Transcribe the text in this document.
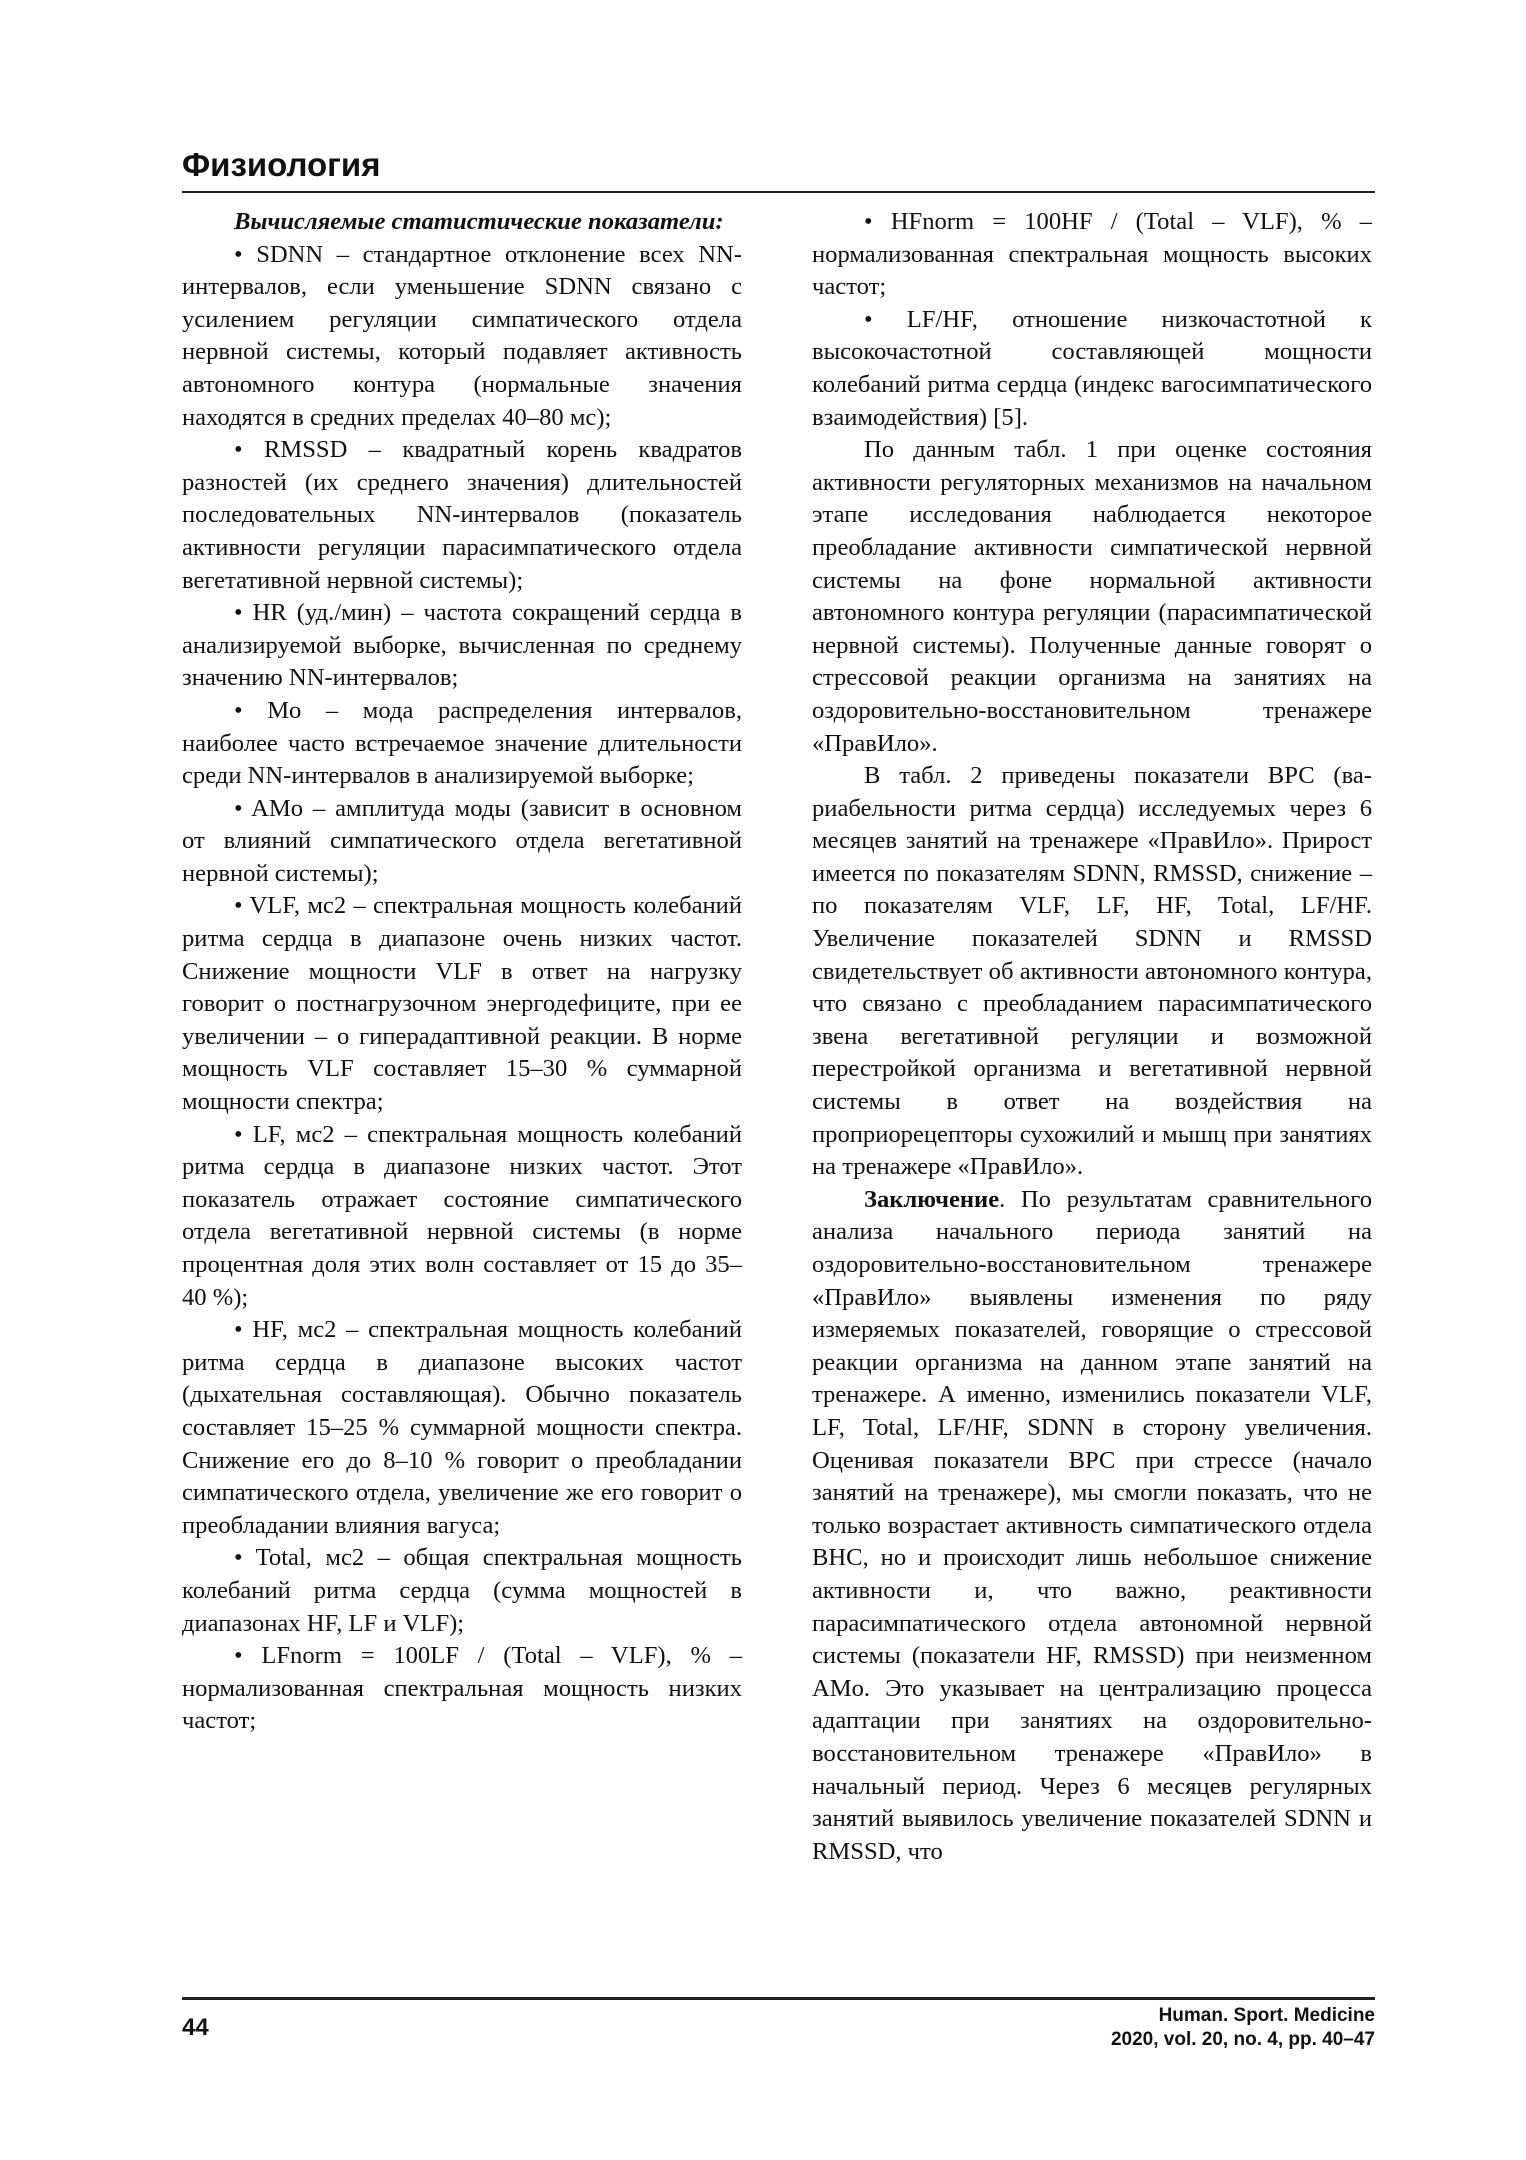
Физиология

Вычисляемые статистические показатели:

• SDNN – стандартное отклонение всех NN-интервалов, если уменьшение SDNN связано с усилением регуляции симпатического отдела нервной системы, который подавляет активность автономного контура (нормальные значения находятся в средних пределах 40–80 мс);

• RMSSD – квадратный корень квадратов разностей (их среднего значения) длительностей последовательных NN-интервалов (показатель активности регуляции парасимпатического отдела вегетативной нервной системы);

• HR (уд./мин) – частота сокращений сердца в анализируемой выборке, вычисленная по среднему значению NN-интервалов;

• Mo – мода распределения интервалов, наиболее часто встречаемое значение длительности среди NN-интервалов в анализируемой выборке;

• AMo – амплитуда моды (зависит в основном от влияний симпатического отдела вегетативной нервной системы);

• VLF, мс2 – спектральная мощность колебаний ритма сердца в диапазоне очень низких частот. Снижение мощности VLF в ответ на нагрузку говорит о постнагрузочном энергодефиците, при ее увеличении – о гиперадаптивной реакции. В норме мощность VLF составляет 15–30 % суммарной мощности спектра;

• LF, мс2 – спектральная мощность колебаний ритма сердца в диапазоне низких частот. Этот показатель отражает состояние симпатического отдела вегетативной нервной системы (в норме процентная доля этих волн составляет от 15 до 35–40 %);

• HF, мс2 – спектральная мощность колебаний ритма сердца в диапазоне высоких частот (дыхательная составляющая). Обычно показатель составляет 15–25 % суммарной мощности спектра. Снижение его до 8–10 % говорит о преобладании симпатического отдела, увеличение же его говорит о преобладании влияния вагуса;

• Total, мс2 – общая спектральная мощность колебаний ритма сердца (сумма мощностей в диапазонах HF, LF и VLF);

• LFnorm = 100LF / (Total – VLF), % – нормализованная спектральная мощность низких частот;

• HFnorm = 100HF / (Total – VLF), % – нормализованная спектральная мощность высоких частот;

• LF/HF, отношение низкочастотной к высокочастотной составляющей мощности колебаний ритма сердца (индекс вагосимпатического взаимодействия) [5].

По данным табл. 1 при оценке состояния активности регуляторных механизмов на начальном этапе исследования наблюдается некоторое преобладание активности симпатической нервной системы на фоне нормальной активности автономного контура регуляции (парасимпатической нервной системы). Полученные данные говорят о стрессовой реакции организма на занятиях на оздоровительно-восстановительном тренажере «ПравИло».

В табл. 2 приведены показатели ВРС (вариабельности ритма сердца) исследуемых через 6 месяцев занятий на тренажере «ПравИло». Прирост имеется по показателям SDNN, RMSSD, снижение – по показателям VLF, LF, HF, Total, LF/HF. Увеличение показателей SDNN и RMSSD свидетельствует об активности автономного контура, что связано с преобладанием парасимпатического звена вегетативной регуляции и возможной перестройкой организма и вегетативной нервной системы в ответ на воздействия на проприорецепторы сухожилий и мышц при занятиях на тренажере «ПравИло».

Заключение. По результатам сравнительного анализа начального периода занятий на оздоровительно-восстановительном тренажере «ПравИло» выявлены изменения по ряду измеряемых показателей, говорящие о стрессовой реакции организма на данном этапе занятий на тренажере. А именно, изменились показатели VLF, LF, Total, LF/HF, SDNN в сторону увеличения. Оценивая показатели ВРС при стрессе (начало занятий на тренажере), мы смогли показать, что не только возрастает активность симпатического отдела ВНС, но и происходит лишь небольшое снижение активности и, что важно, реактивности парасимпатического отдела автономной нервной системы (показатели HF, RMSSD) при неизменном AMo. Это указывает на централизацию процесса адаптации при занятиях на оздоровительно-восстановительном тренажере «ПравИло» в начальный период. Через 6 месяцев регулярных занятий выявилось увеличение показателей SDNN и RMSSD, что

44	Human. Sport. Medicine
2020, vol. 20, no. 4, pp. 40–47
